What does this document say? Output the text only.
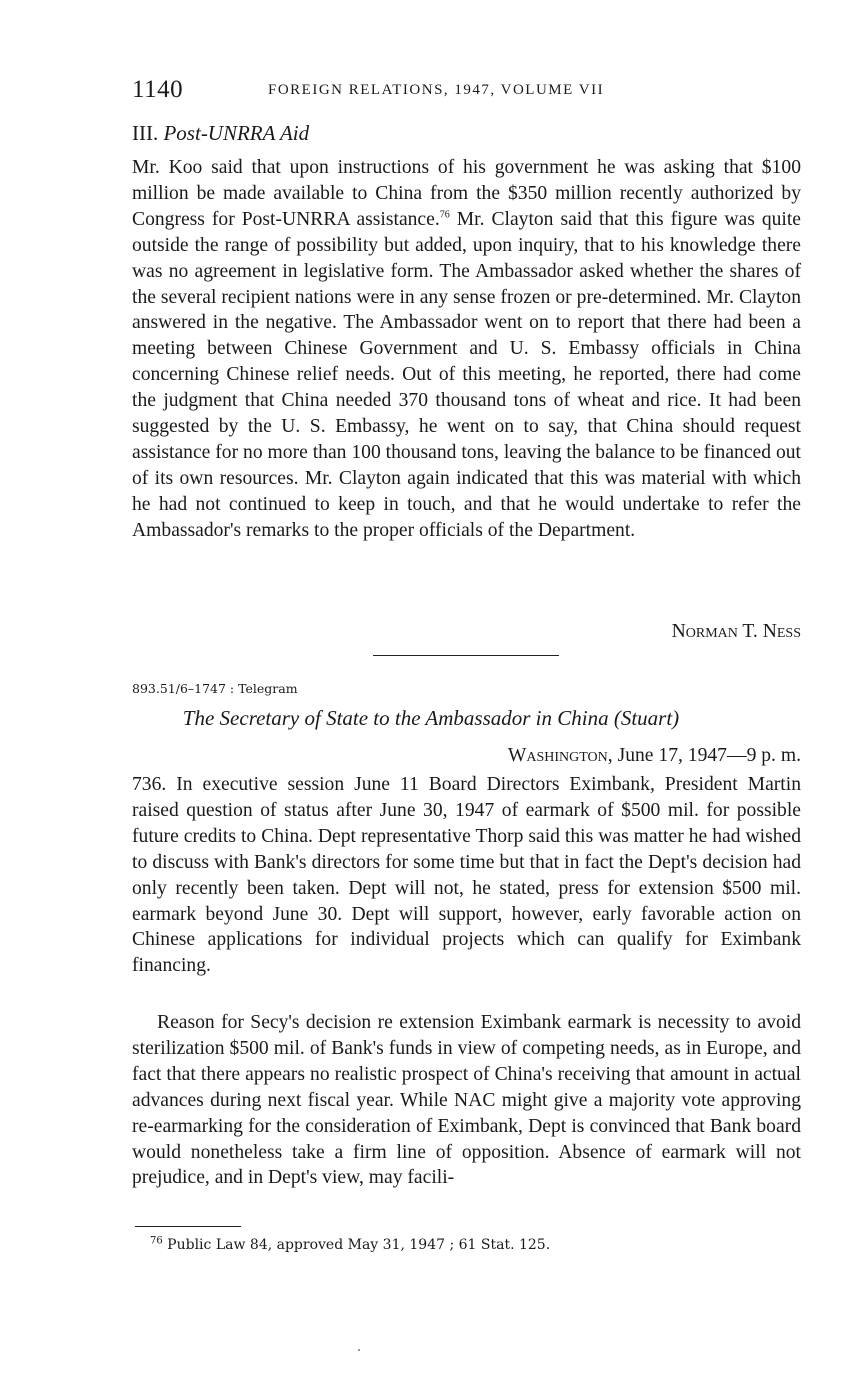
1140	FOREIGN RELATIONS, 1947, VOLUME VII
III. Post-UNRRA Aid

Mr. Koo said that upon instructions of his government he was asking that $100 million be made available to China from the $350 million recently authorized by Congress for Post-UNRRA assistance.$^{76}$ Mr. Clayton said that this figure was quite outside the range of possibility but added, upon inquiry, that to his knowledge there was no agreement in legislative form. The Ambassador asked whether the shares of the several recipient nations were in any sense frozen or pre-determined. Mr. Clayton answered in the negative. The Ambassador went on to report that there had been a meeting between Chinese Government and U. S. Embassy officials in China concerning Chinese relief needs. Out of this meeting, he reported, there had come the judgment that China needed 370 thousand tons of wheat and rice. It had been suggested by the U. S. Embassy, he went on to say, that China should request assistance for no more than 100 thousand tons, leaving the balance to be financed out of its own resources. Mr. Clayton again indicated that this was material with which he had not continued to keep in touch, and that he would undertake to refer the Ambassador's remarks to the proper officials of the Department.

Norman T. Ness
893.51/6–1747 : Telegram
The Secretary of State to the Ambassador in China (Stuart)
Washington, June 17, 1947—9 p. m.

736. In executive session June 11 Board Directors Eximbank, President Martin raised question of status after June 30, 1947 of earmark of $500 mil. for possible future credits to China. Dept representative Thorp said this was matter he had wished to discuss with Bank's directors for some time but that in fact the Dept's decision had only recently been taken. Dept will not, he stated, press for extension $500 mil. earmark beyond June 30. Dept will support, however, early favorable action on Chinese applications for individual projects which can qualify for Eximbank financing.

Reason for Secy's decision re extension Eximbank earmark is necessity to avoid sterilization $500 mil. of Bank's funds in view of competing needs, as in Europe, and fact that there appears no realistic prospect of China's receiving that amount in actual advances during next fiscal year. While NAC might give a majority vote approving re-earmarking for the consideration of Eximbank, Dept is convinced that Bank board would nonetheless take a firm line of opposition. Absence of earmark will not prejudice, and in Dept's view, may facili-

$^{76}$ Public Law 84, approved May 31, 1947 ; 61 Stat. 125.
